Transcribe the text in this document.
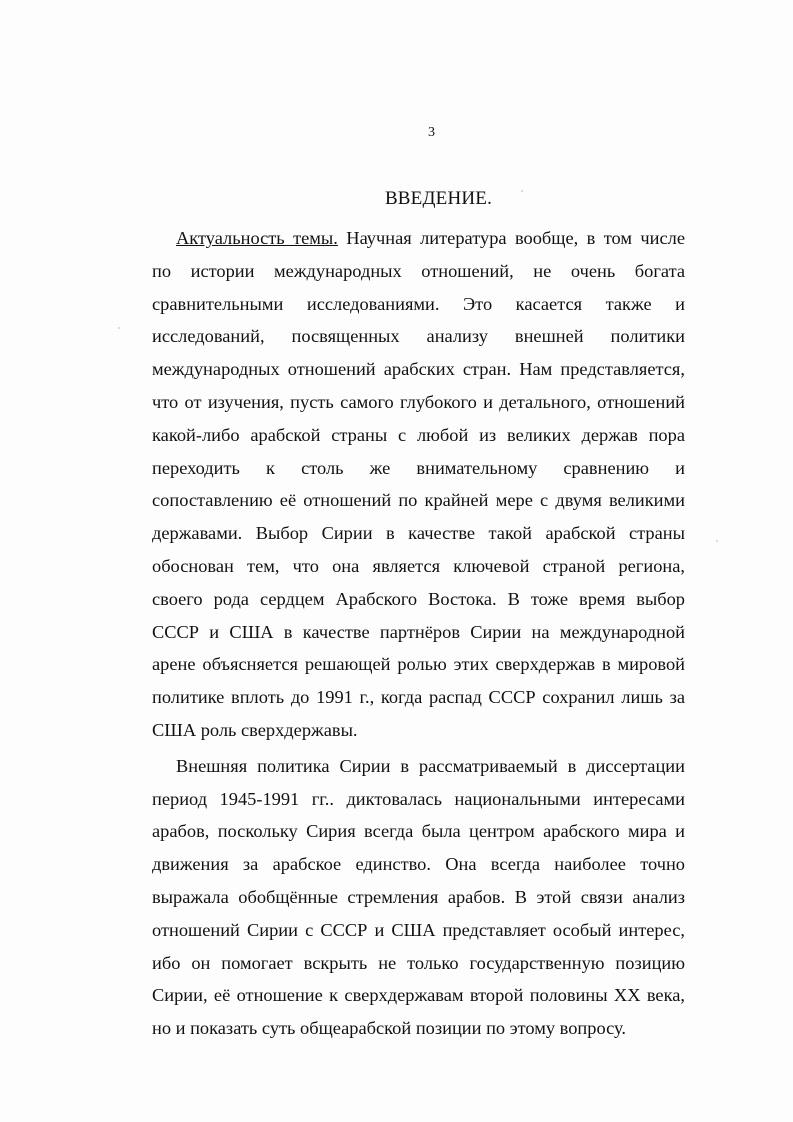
3
ВВЕДЕНИЕ.
Актуальность темы. Научная литература вообще, в том числе
по истории международных отношений, не очень богата
сравнительными исследованиями. Это касается также и
исследований, посвященных анализу внешней политики
международных отношений арабских стран. Нам представляется,
что от изучения, пусть самого глубокого и детального, отношений
какой-либо арабской страны с любой из великих держав пора
переходить к столь же внимательному сравнению и
сопоставлению её отношений по крайней мере с двумя великими
державами. Выбор Сирии в качестве такой арабской страны
обоснован тем, что она является ключевой страной региона,
своего рода сердцем Арабского Востока. В тоже время выбор
СССР и США в качестве партнёров Сирии на международной
арене объясняется решающей ролью этих сверхдержав в мировой
политике вплоть до 1991 г., когда распад СССР сохранил лишь за
США роль сверхдержавы.
Внешняя политика Сирии в рассматриваемый в диссертации
период 1945-1991 гг.. диктовалась национальными интересами
арабов, поскольку Сирия всегда была центром арабского мира и
движения за арабское единство. Она всегда наиболее точно
выражала обобщённые стремления арабов. В этой связи анализ
отношений Сирии с СССР и США представляет особый интерес,
ибо он помогает вскрыть не только государственную позицию
Сирии, её отношение к сверхдержавам второй половины XX века,
но и показать суть общеарабской позиции по этому вопросу.
